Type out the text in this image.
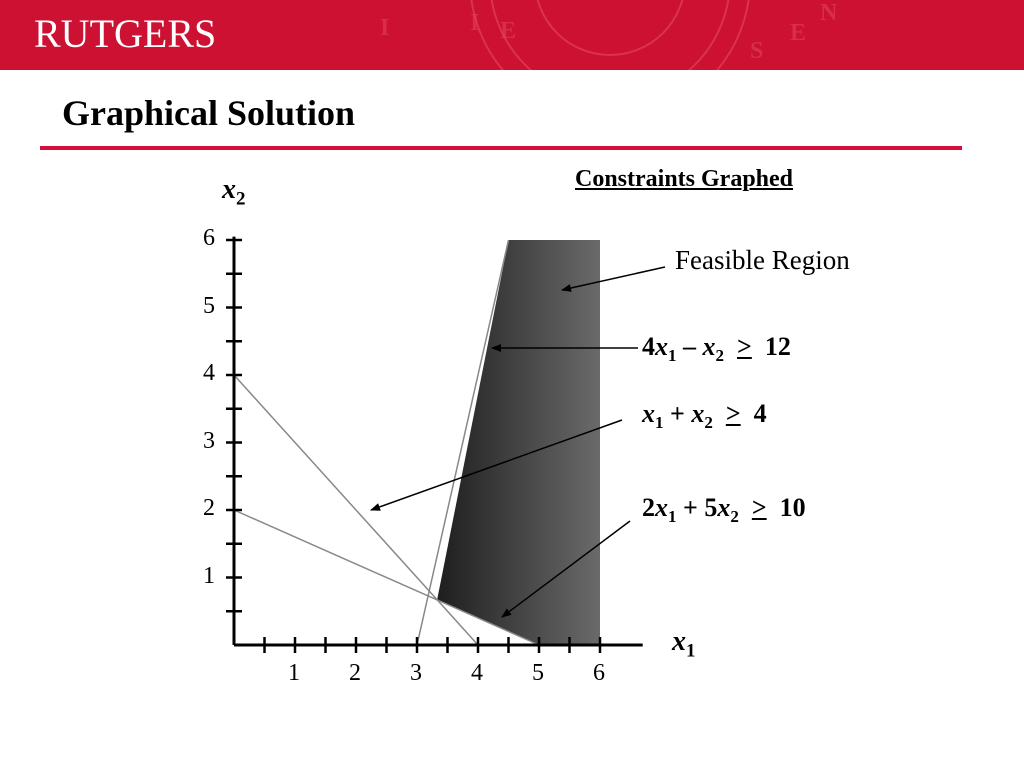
I E
I
S
E
N
RUTGERS
Graphical Solution
Constraints Graphed
1 2 3 4 5 6
1
2
3
4
5
6
$x_2$
$x_1$
Feasible Region
$4x_1 - x_2 \ge 12$
$x_1 + x_2 \ge 4$
$2x_1 + 5x_2 \ge 10$
